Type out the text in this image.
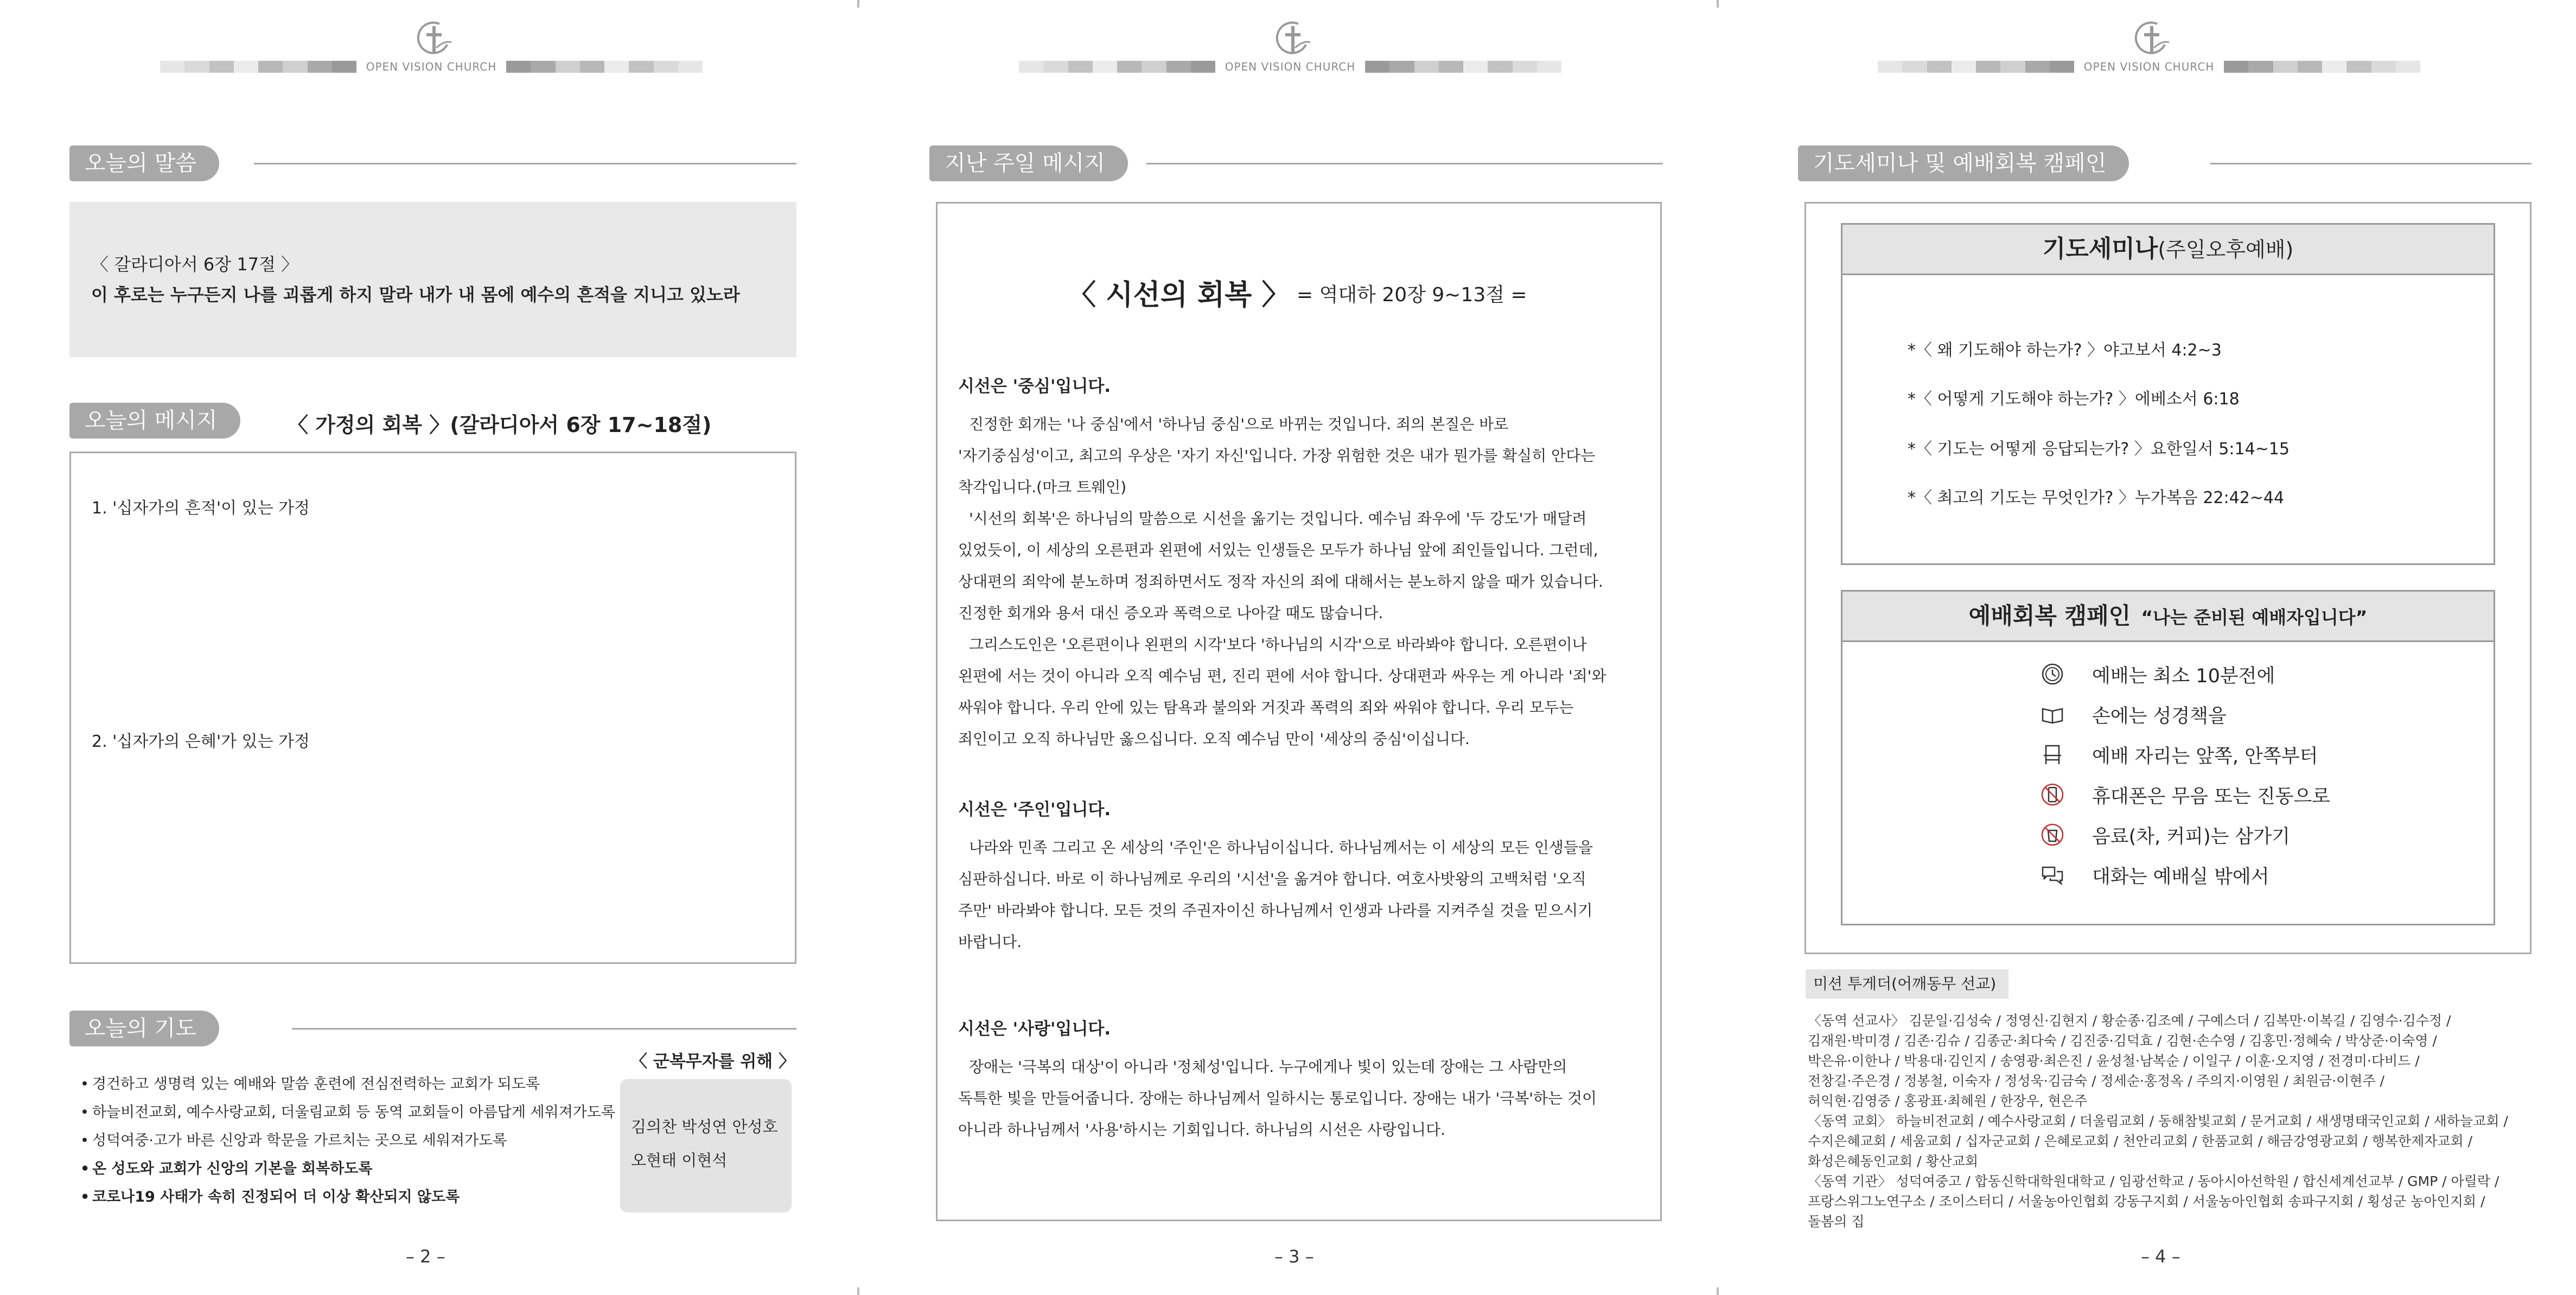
OPEN VISION CHURCH
오늘의 말씀
〈 갈라디아서 6장 17절 〉
이 후로는 누구든지 나를 괴롭게 하지 말라 내가 내 몸에 예수의 흔적을 지니고 있노라
오늘의 메시지	〈 가정의 회복 〉(갈라디아서 6장 17~18절)
1. '십자가의 흔적'이 있는 가정
2. '십자가의 은혜'가 있는 가정
오늘의 기도
• 경건하고 생명력 있는 예배와 말씀 훈련에 전심전력하는 교회가 되도록
• 하늘비전교회, 예수사랑교회, 더울림교회 등 동역 교회들이 아름답게 세워져가도록
• 성덕여중·고가 바른 신앙과 학문을 가르치는 곳으로 세워져가도록
• 온 성도와 교회가 신앙의 기본을 회복하도록
• 코로나19 사태가 속히 진정되어 더 이상 확산되지 않도록
〈 군복무자를 위해 〉
김의찬 박성연 안성호
오현태 이현석
– 2 –
OPEN VISION CHURCH
지난 주일 메시지
〈 시선의 회복 〉 = 역대하 20장 9~13절 =
시선은 '중심'입니다.
진정한 회개는 '나 중심'에서 '하나님 중심'으로 바뀌는 것입니다. 죄의 본질은 바로
'자기중심성'이고, 최고의 우상은 '자기 자신'입니다. 가장 위험한 것은 내가 뭔가를 확실히 안다는
착각입니다.(마크 트웨인)
'시선의 회복'은 하나님의 말씀으로 시선을 옮기는 것입니다. 예수님 좌우에 '두 강도'가 매달려
있었듯이, 이 세상의 오른편과 왼편에 서있는 인생들은 모두가 하나님 앞에 죄인들입니다. 그런데,
상대편의 죄악에 분노하며 정죄하면서도 정작 자신의 죄에 대해서는 분노하지 않을 때가 있습니다.
진정한 회개와 용서 대신 증오과 폭력으로 나아갈 때도 많습니다.
그리스도인은 '오른편이나 왼편의 시각'보다 '하나님의 시각'으로 바라봐야 합니다. 오른편이나
왼편에 서는 것이 아니라 오직 예수님 편, 진리 편에 서야 합니다. 상대편과 싸우는 게 아니라 '죄'와
싸워야 합니다. 우리 안에 있는 탐욕과 불의와 거짓과 폭력의 죄와 싸워야 합니다. 우리 모두는
죄인이고 오직 하나님만 옳으십니다. 오직 예수님 만이 '세상의 중심'이십니다.
시선은 '주인'입니다.
나라와 민족 그리고 온 세상의 '주인'은 하나님이십니다. 하나님께서는 이 세상의 모든 인생들을
심판하십니다. 바로 이 하나님께로 우리의 '시선'을 옮겨야 합니다. 여호사밧왕의 고백처럼 '오직
주만' 바라봐야 합니다. 모든 것의 주권자이신 하나님께서 인생과 나라를 지켜주실 것을 믿으시기
바랍니다.
시선은 '사랑'입니다.
장애는 '극복의 대상'이 아니라 '정체성'입니다. 누구에게나 빛이 있는데 장애는 그 사람만의
독특한 빛을 만들어줍니다. 장애는 하나님께서 일하시는 통로입니다. 장애는 내가 '극복'하는 것이
아니라 하나님께서 '사용'하시는 기회입니다. 하나님의 시선은 사랑입니다.
– 3 –
OPEN VISION CHURCH
기도세미나 및 예배회복 캠페인
기도세미나(주일오후예배)
*〈 왜 기도해야 하는가? 〉야고보서 4:2~3
*〈 어떻게 기도해야 하는가? 〉에베소서 6:18
*〈 기도는 어떻게 응답되는가? 〉요한일서 5:14~15
*〈 최고의 기도는 무엇인가? 〉누가복음 22:42~44
예배회복 캠페인 “나는 준비된 예배자입니다”
예배는 최소 10분전에
손에는 성경책을
예배 자리는 앞쪽, 안쪽부터
휴대폰은 무음 또는 진동으로
음료(차, 커피)는 삼가기
대화는 예배실 밖에서
미션 투게더(어깨동무 선교)

〈동역 선교사〉 김문일·김성숙 / 정영신·김현지 / 황순종·김조예 / 구예스더 / 김복만·이복길 / 김영수·김수정 /

김재원·박미경 / 김존·김슈 / 김종군·최다숙 / 김진중·김덕효 / 김현·손수영 / 김홍민·정혜숙 / 박상준·이숙영 /

박은유·이한나 / 박용대·김인지 / 송영광·최은진 / 윤성철·남복순 / 이일구 / 이훈·오지영 / 전경미·다비드 /

전창길·주은경 / 정봉철, 이숙자 / 정성욱·김금숙 / 정세순·홍정옥 / 주의지·이영원 / 최원금·이현주 /

허익현·김영중 / 홍광표·최혜원 / 한장우, 현은주

〈동역 교회〉 하늘비전교회 / 예수사랑교회 / 더울림교회 / 동해참빛교회 / 문거교회 / 새생명태국인교회 / 새하늘교회 /

수지은혜교회 / 세움교회 / 십자군교회 / 은혜로교회 / 천안리교회 / 한품교회 / 해금강영광교회 / 행복한제자교회 /

화성은혜동인교회 / 황산교회

〈동역 기관〉 성덕여중고 / 합동신학대학원대학교 / 임광선학교 / 동아시아선학원 / 합신세계선교부 / GMP / 아릴락 /

프랑스위그노연구소 / 조이스터디 / 서울농아인협회 강동구지회 / 서울농아인협회 송파구지회 / 횡성군 농아인지회 /

돌봄의 집

– 4 –
